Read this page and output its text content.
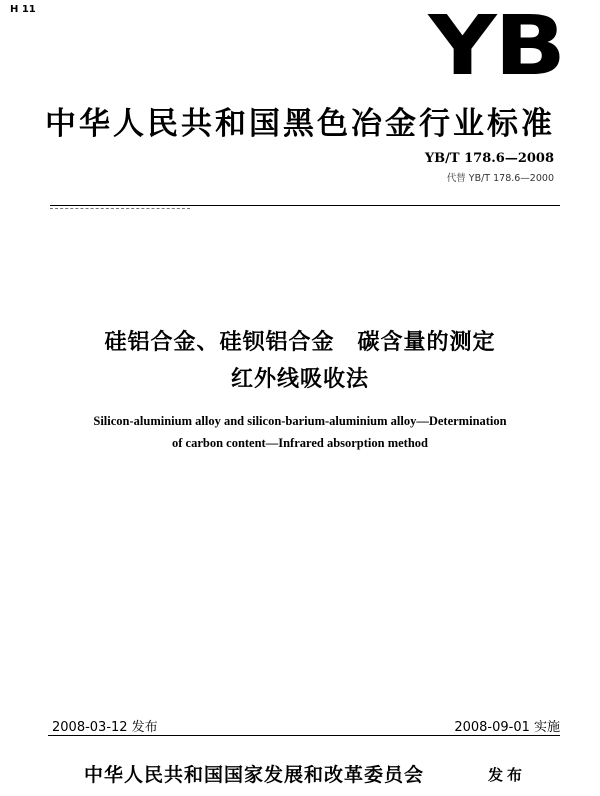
H 11	YB
中华人民共和国黑色冶金行业标准
YB/T 178.6—2008
代替 YB/T 178.6—2000
硅铝合金、硅钡铝合金　碳含量的测定
红外线吸收法
Silicon-aluminium alloy and silicon-barium-aluminium alloy—Determination
of carbon content—Infrared absorption method
2008-03-12 发布	2008-09-01 实施
中华人民共和国国家发展和改革委员会	发布
